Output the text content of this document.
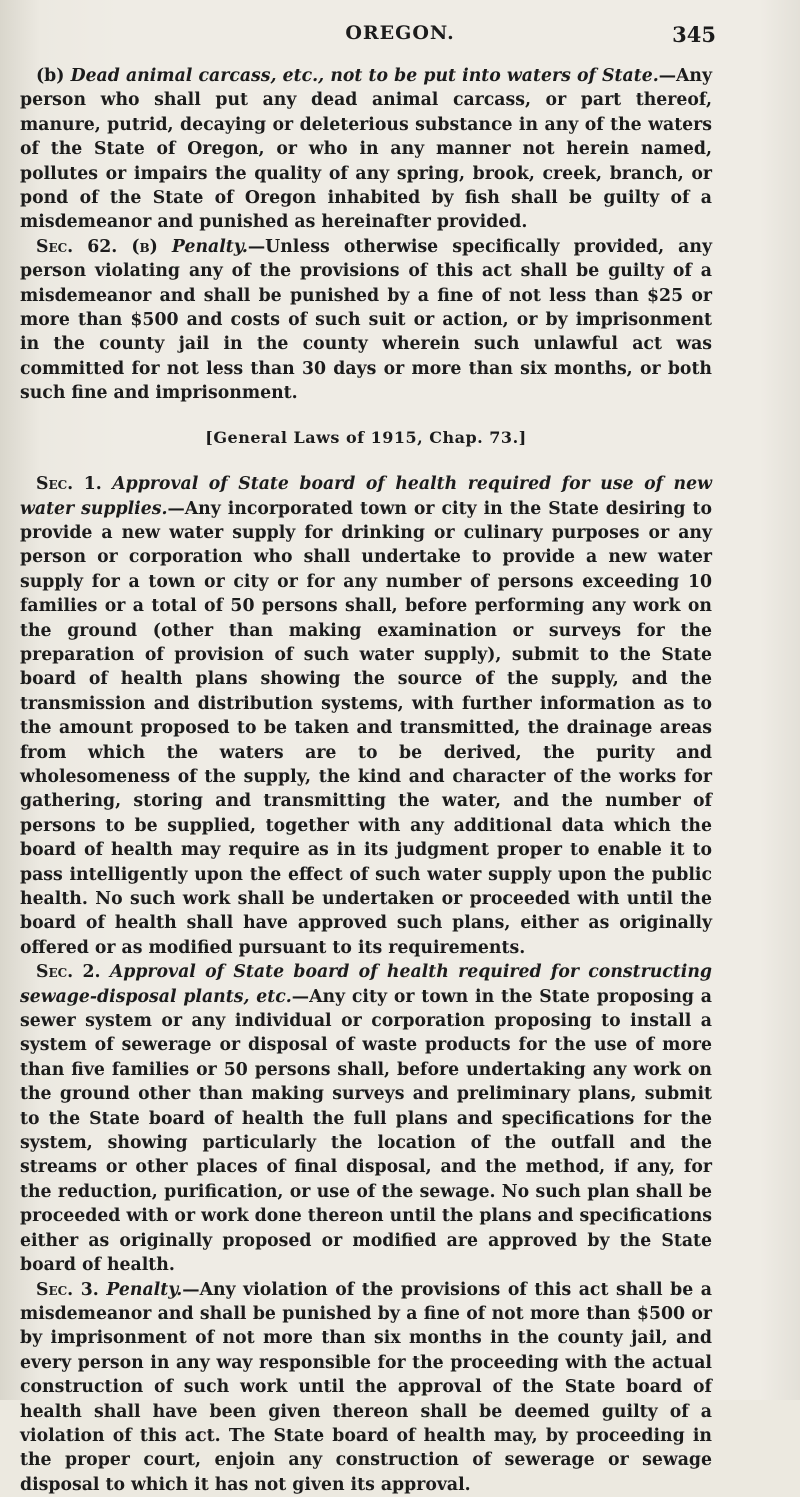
OREGON.	345

(b) Dead animal carcass, etc., not to be put into waters of State.—Any person who shall put any dead animal carcass, or part thereof, manure, putrid, decaying or deleterious substance in any of the waters of the State of Oregon, or who in any manner not herein named, pollutes or impairs the quality of any spring, brook, creek, branch, or pond of the State of Oregon inhabited by fish shall be guilty of a misdemeanor and punished as hereinafter provided.

Sec. 62. (b) Penalty.—Unless otherwise specifically provided, any person violating any of the provisions of this act shall be guilty of a misdemeanor and shall be punished by a fine of not less than $25 or more than $500 and costs of such suit or action, or by imprisonment in the county jail in the county wherein such unlawful act was committed for not less than 30 days or more than six months, or both such fine and imprisonment.

[General Laws of 1915, Chap. 73.]

Sec. 1. Approval of State board of health required for use of new water supplies.—Any incorporated town or city in the State desiring to provide a new water supply for drinking or culinary purposes or any person or corporation who shall undertake to provide a new water supply for a town or city or for any number of persons exceeding 10 families or a total of 50 persons shall, before performing any work on the ground (other than making examination or surveys for the preparation of provision of such water supply), submit to the State board of health plans showing the source of the supply, and the transmission and distribution systems, with further information as to the amount proposed to be taken and transmitted, the drainage areas from which the waters are to be derived, the purity and wholesomeness of the supply, the kind and character of the works for gathering, storing and transmitting the water, and the number of persons to be supplied, together with any additional data which the board of health may require as in its judgment proper to enable it to pass intelligently upon the effect of such water supply upon the public health. No such work shall be undertaken or proceeded with until the board of health shall have approved such plans, either as originally offered or as modified pursuant to its requirements.

Sec. 2. Approval of State board of health required for constructing sewage-disposal plants, etc.—Any city or town in the State proposing a sewer system or any individual or corporation proposing to install a system of sewerage or disposal of waste products for the use of more than five families or 50 persons shall, before undertaking any work on the ground other than making surveys and preliminary plans, submit to the State board of health the full plans and specifications for the system, showing particularly the location of the outfall and the streams or other places of final disposal, and the method, if any, for the reduction, purification, or use of the sewage. No such plan shall be proceeded with or work done thereon until the plans and specifications either as originally proposed or modified are approved by the State board of health.

Sec. 3. Penalty.—Any violation of the provisions of this act shall be a misdemeanor and shall be punished by a fine of not more than $500 or by imprisonment of not more than six months in the county jail, and every person in any way responsible for the proceeding with the actual construction of such work until the approval of the State board of health shall have been given thereon shall be deemed guilty of a violation of this act. The State board of health may, by proceeding in the proper court, enjoin any construction of sewerage or sewage disposal to which it has not given its approval.
